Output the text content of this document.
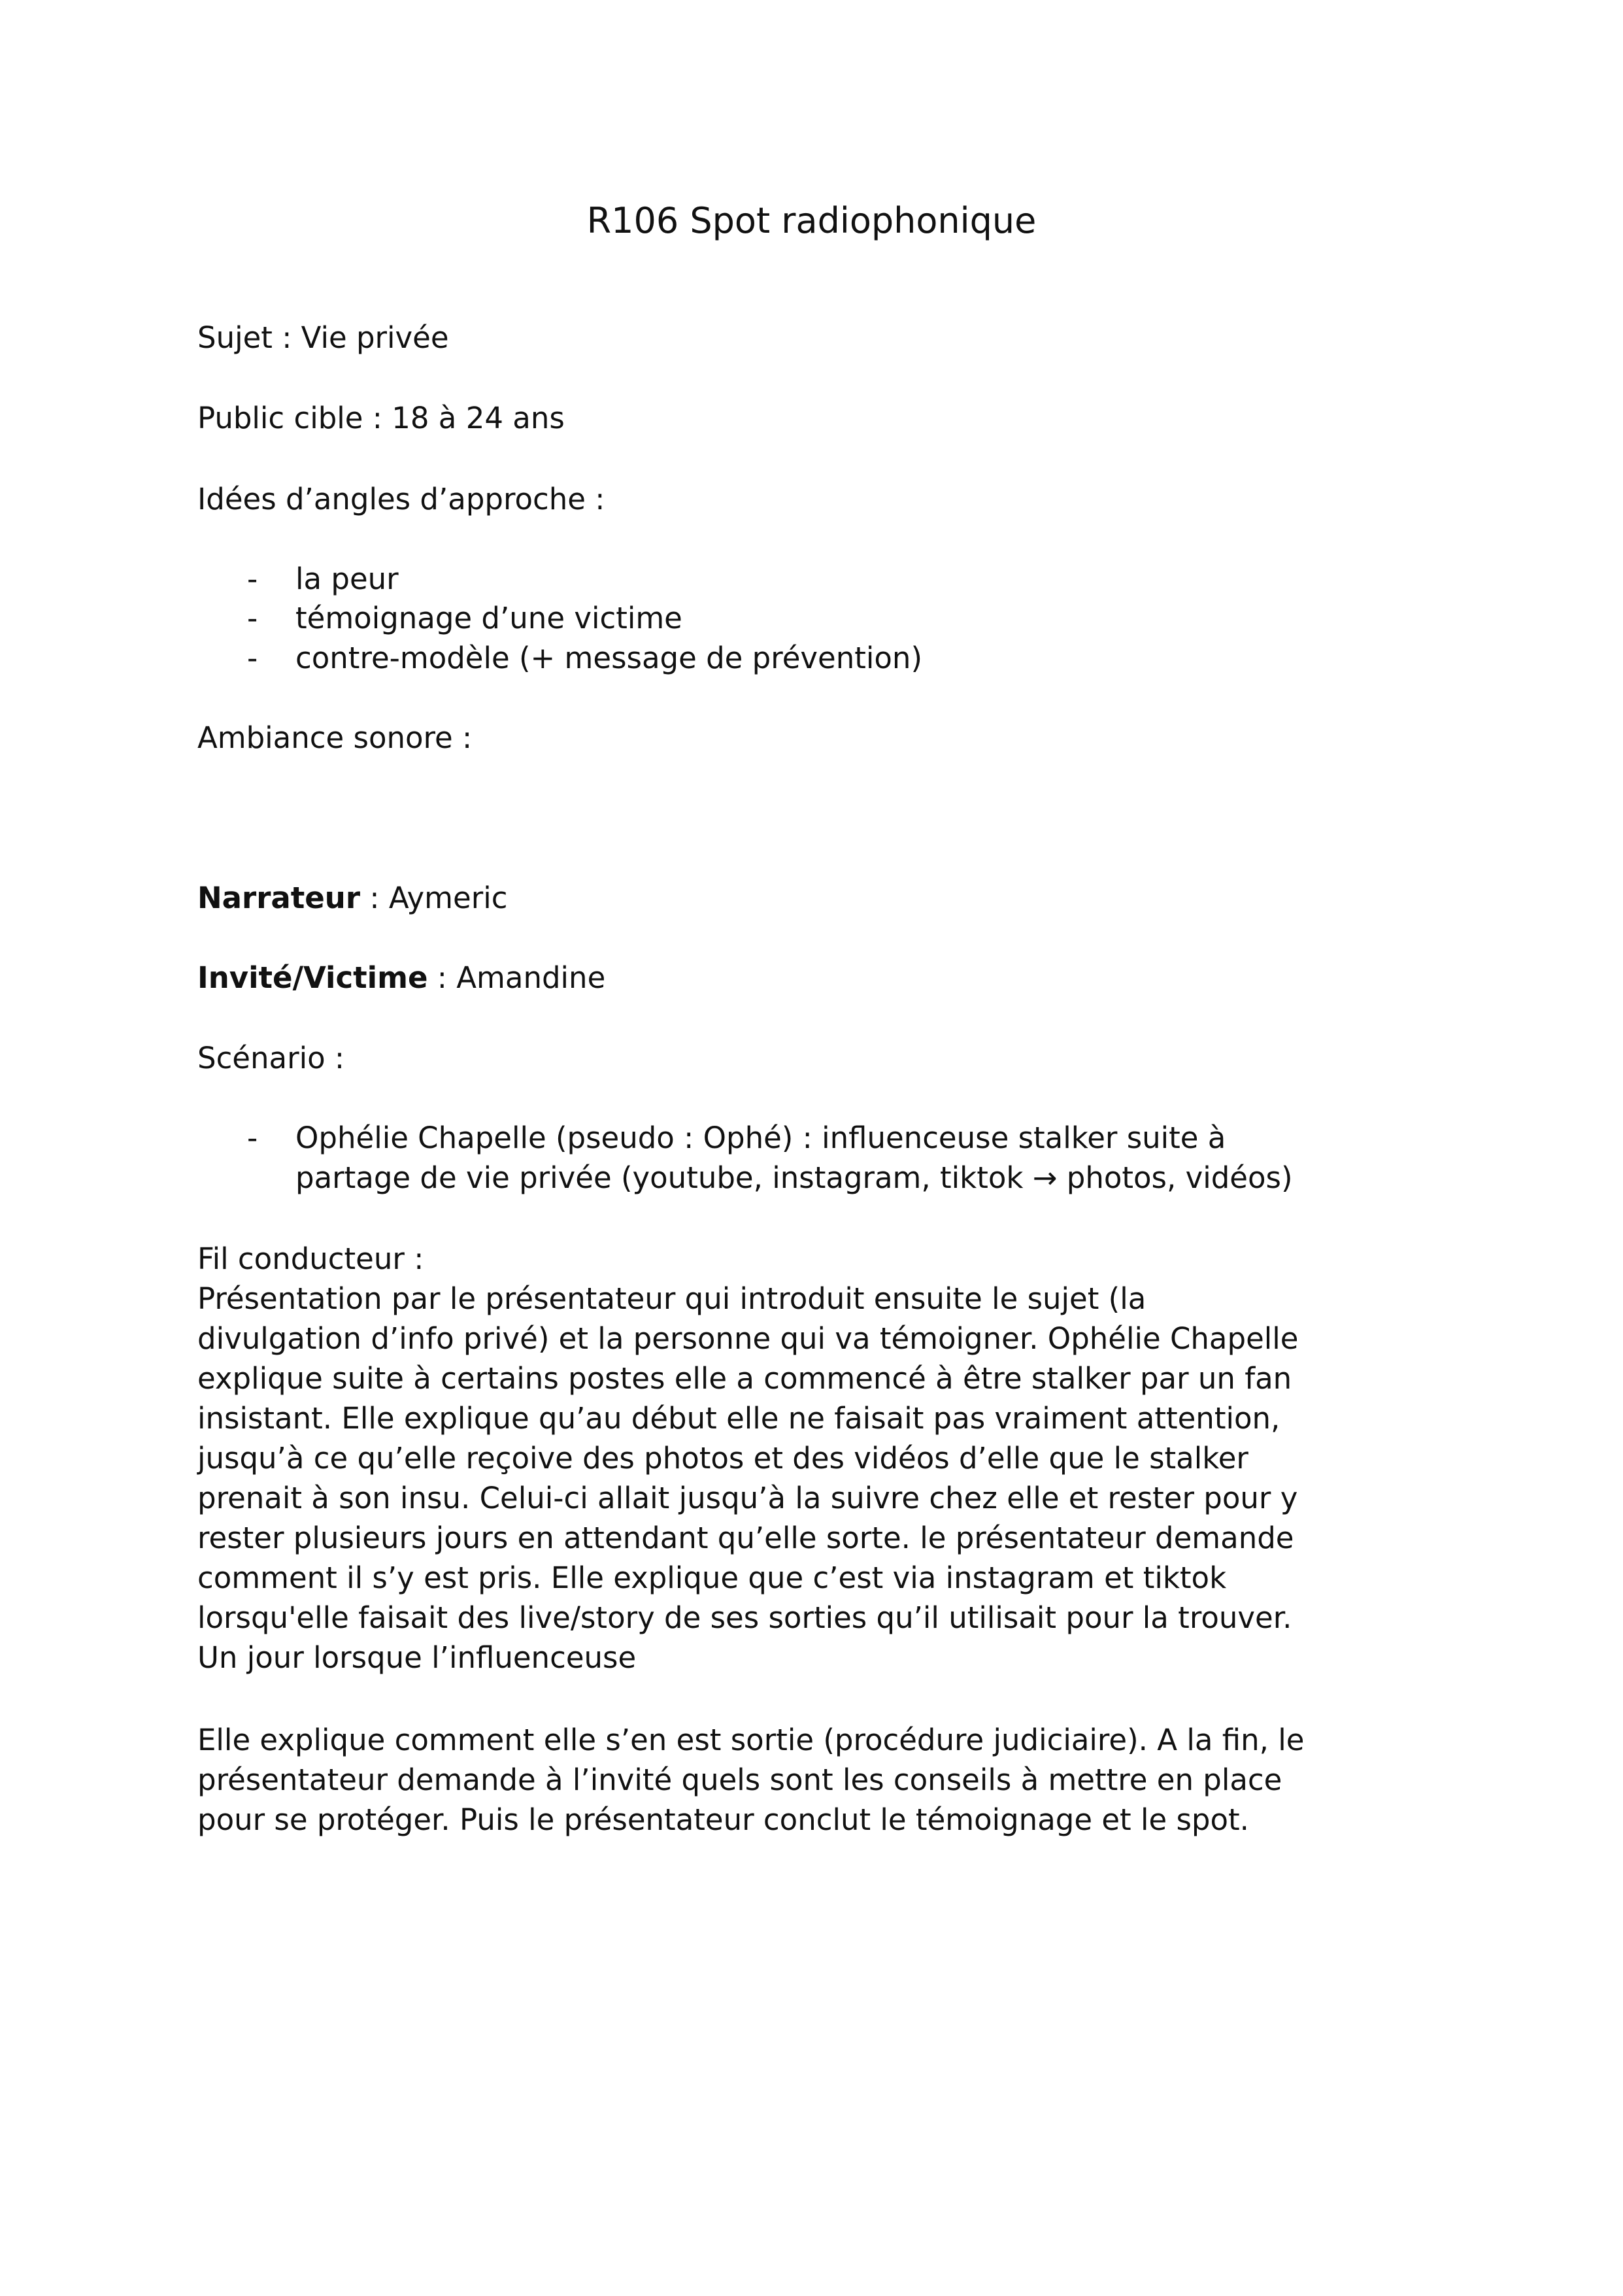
R106 Spot radiophonique
Sujet : Vie privée
Public cible : 18 à 24 ans
Idées d’angles d’approche :
- la peur
- témoignage d’une victime
- contre-modèle (+ message de prévention)
Ambiance sonore :
Narrateur : Aymeric
Invité/Victime : Amandine
Scénario :
- Ophélie Chapelle (pseudo : Ophé) : influenceuse stalker suite à
partage de vie privée (youtube, instagram, tiktok → photos, vidéos)
Fil conducteur :
Présentation par le présentateur qui introduit ensuite le sujet (la
divulgation d’info privé) et la personne qui va témoigner. Ophélie Chapelle
explique suite à certains postes elle a commencé à être stalker par un fan
insistant. Elle explique qu’au début elle ne faisait pas vraiment attention,
jusqu’à ce qu’elle reçoive des photos et des vidéos d’elle que le stalker
prenait à son insu. Celui-ci allait jusqu’à la suivre chez elle et rester pour y
rester plusieurs jours en attendant qu’elle sorte. le présentateur demande
comment il s’y est pris. Elle explique que c’est via instagram et tiktok
lorsqu'elle faisait des live/story de ses sorties qu’il utilisait pour la trouver.
Un jour lorsque l’influenceuse
Elle explique comment elle s’en est sortie (procédure judiciaire). A la fin, le
présentateur demande à l’invité quels sont les conseils à mettre en place
pour se protéger. Puis le présentateur conclut le témoignage et le spot.
